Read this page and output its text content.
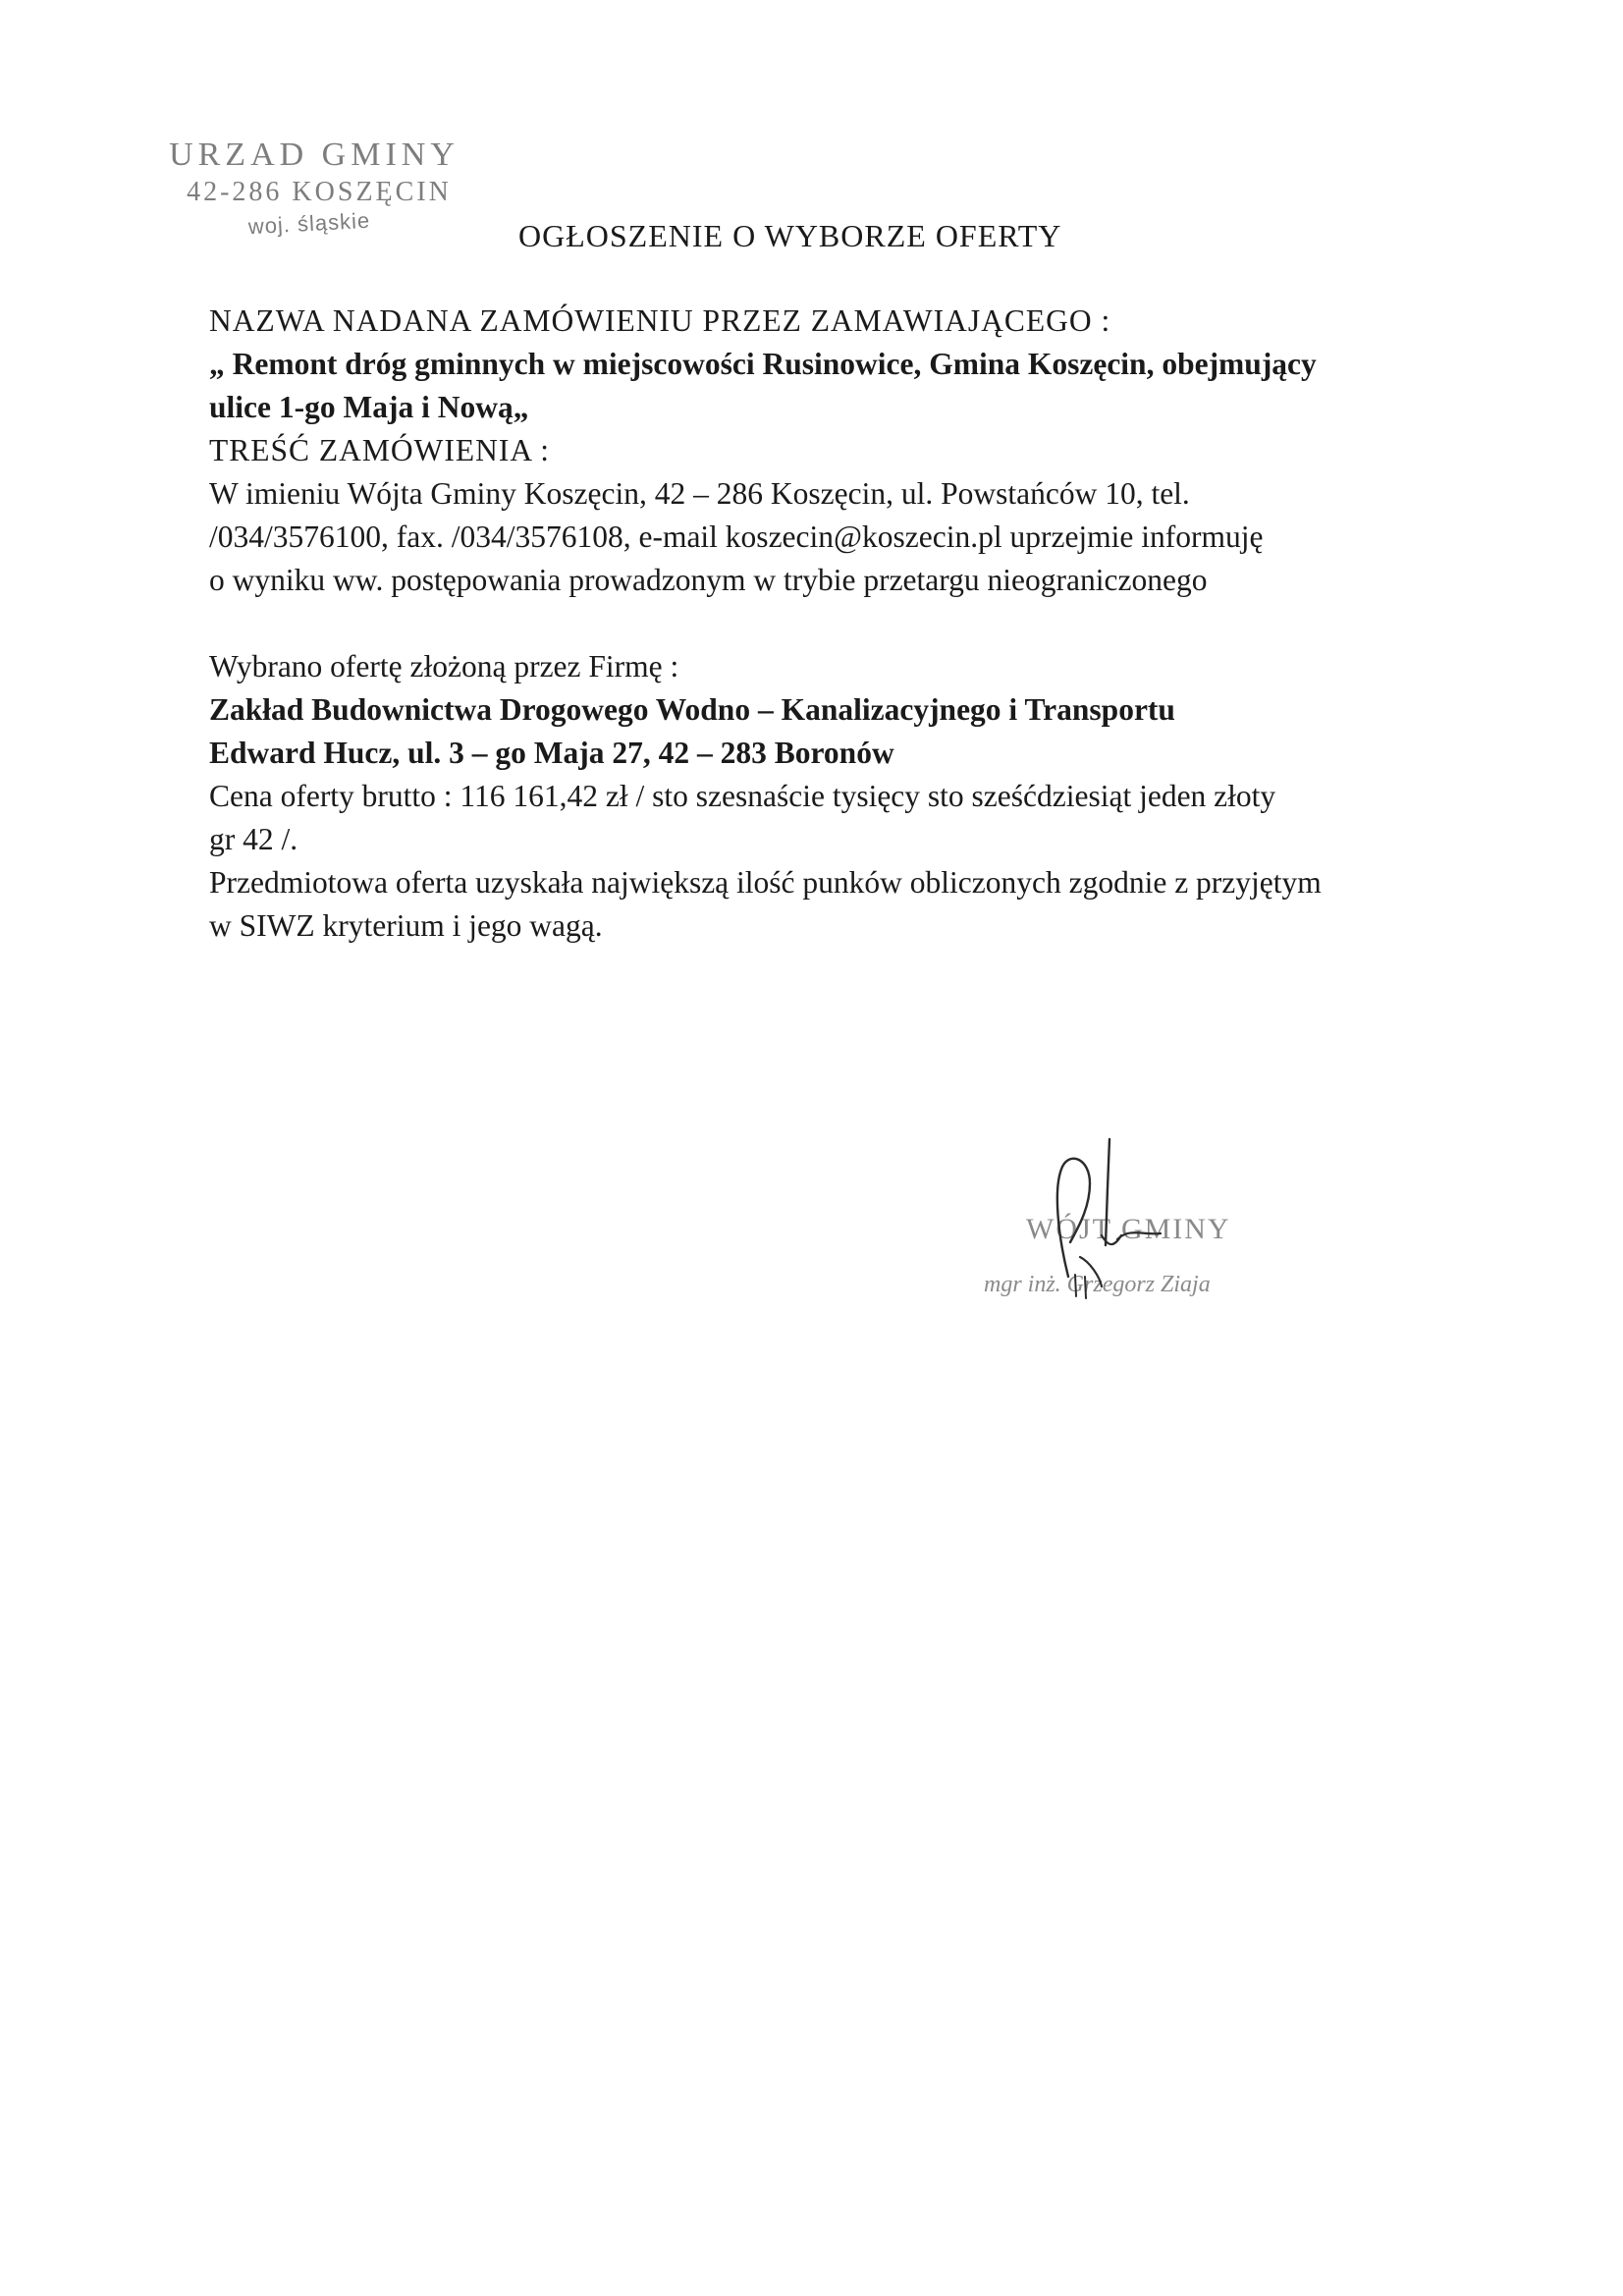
URZAD GMINY
42-286 KOSZĘCIN
woj. śląskie	OGŁOSZENIE O WYBORZE OFERTY
NAZWA NADANA ZAMÓWIENIU PRZEZ ZAMAWIAJĄCEGO :
„ Remont dróg gminnych w miejscowości Rusinowice, Gmina Koszęcin, obejmujący
ulice 1-go Maja i Nową„
TREŚĆ ZAMÓWIENIA :
W imieniu Wójta Gminy Koszęcin, 42 – 286 Koszęcin, ul. Powstańców 10, tel.
/034/3576100, fax. /034/3576108, e-mail koszecin@koszecin.pl uprzejmie informuję
o wyniku ww. postępowania prowadzonym w trybie przetargu nieograniczonego
Wybrano ofertę złożoną przez Firmę :
Zakład Budownictwa Drogowego Wodno – Kanalizacyjnego i Transportu
Edward Hucz, ul. 3 – go Maja 27, 42 – 283 Boronów
Cena oferty brutto : 116 161,42 zł / sto szesnaście tysięcy sto sześćdziesiąt jeden złoty
gr 42 /.
Przedmiotowa oferta uzyskała największą ilość punków obliczonych zgodnie z przyjętym
w SIWZ kryterium i jego wagą.
WÓJT GMINY
mgr inż. Grzegorz Ziaja
